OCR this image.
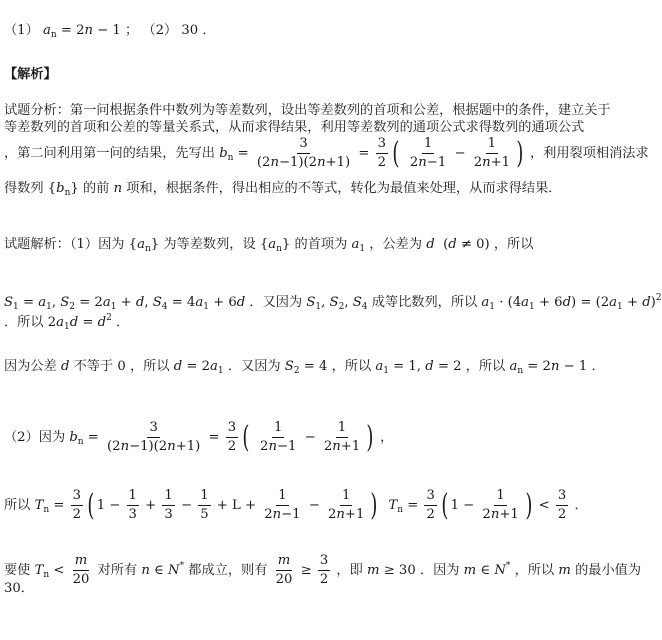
（1） $a_n = 2n - 1$ ； （2） 30 ．
【解析】
试题分析：第一问根据条件中数列为等差数列，设出等差数列的首项和公差，根据题中的条件，建立关于
等差数列的首项和公差的等量关系式，从而求得结果，利用等差数列的通项公式求得数列的通项公式
，第二问利用第一问的结果，先写出 $b_n = \frac{3}{(2n-1)(2n+1)} = \frac{3}{2}$ ( $\frac{1}{2n-1} - \frac{1}{2n+1}$ ) ，利用裂项相消法求
得数列 $\{b_n\}$ 的前 n 项和，根据条件，得出相应的不等式，转化为最值来处理，从而求得结果．
试题解析：（1）因为 $\{a_n\}$ 为等差数列，设 $\{a_n\}$ 的首项为 $a_1$ ，公差为 d  (d ≠ 0) ，所以
$S_1 = a_1$, $S_2 = 2a_1 + d$, $S_4 = 4a_1 + 6d$ ．又因为 $S_1$, $S_2$, $S_4$ 成等比数列，所以 $a_1 \cdot (4a_1 + 6d) = (2a_1 + d)^2$
．所以 $2a_1d = d^2$ ．
因为公差 d 不等于 0 ，所以 $d = 2a_1$ ．又因为 $S_2 = 4$ ，所以 $a_1 = 1$, d = 2 ，所以 $a_n = 2n - 1$ ．
（2）因为 $b_n = \frac{3}{(2n-1)(2n+1)} = \frac{3}{2}$ ( $\frac{1}{2n-1} - \frac{1}{2n+1}$ ) ，
所以 $T_n = \frac{3}{2}$ ( $1 - \frac{1}{3} + \frac{1}{3} - \frac{1}{5} + L + \frac{1}{2n-1} - \frac{1}{2n+1}$ ) $T_n = \frac{3}{2}$ ( $1 - \frac{1}{2n+1}$ ) < $\frac{3}{2}$ ．
要使 $T_n < \frac{m}{20}$ 对所有 n ∈ N* 都成立，则有 $\frac{m}{20} \ge \frac{3}{2}$ ，即 m ≥ 30 ．因为 m ∈ N* ，所以 m 的最小值为
30．
